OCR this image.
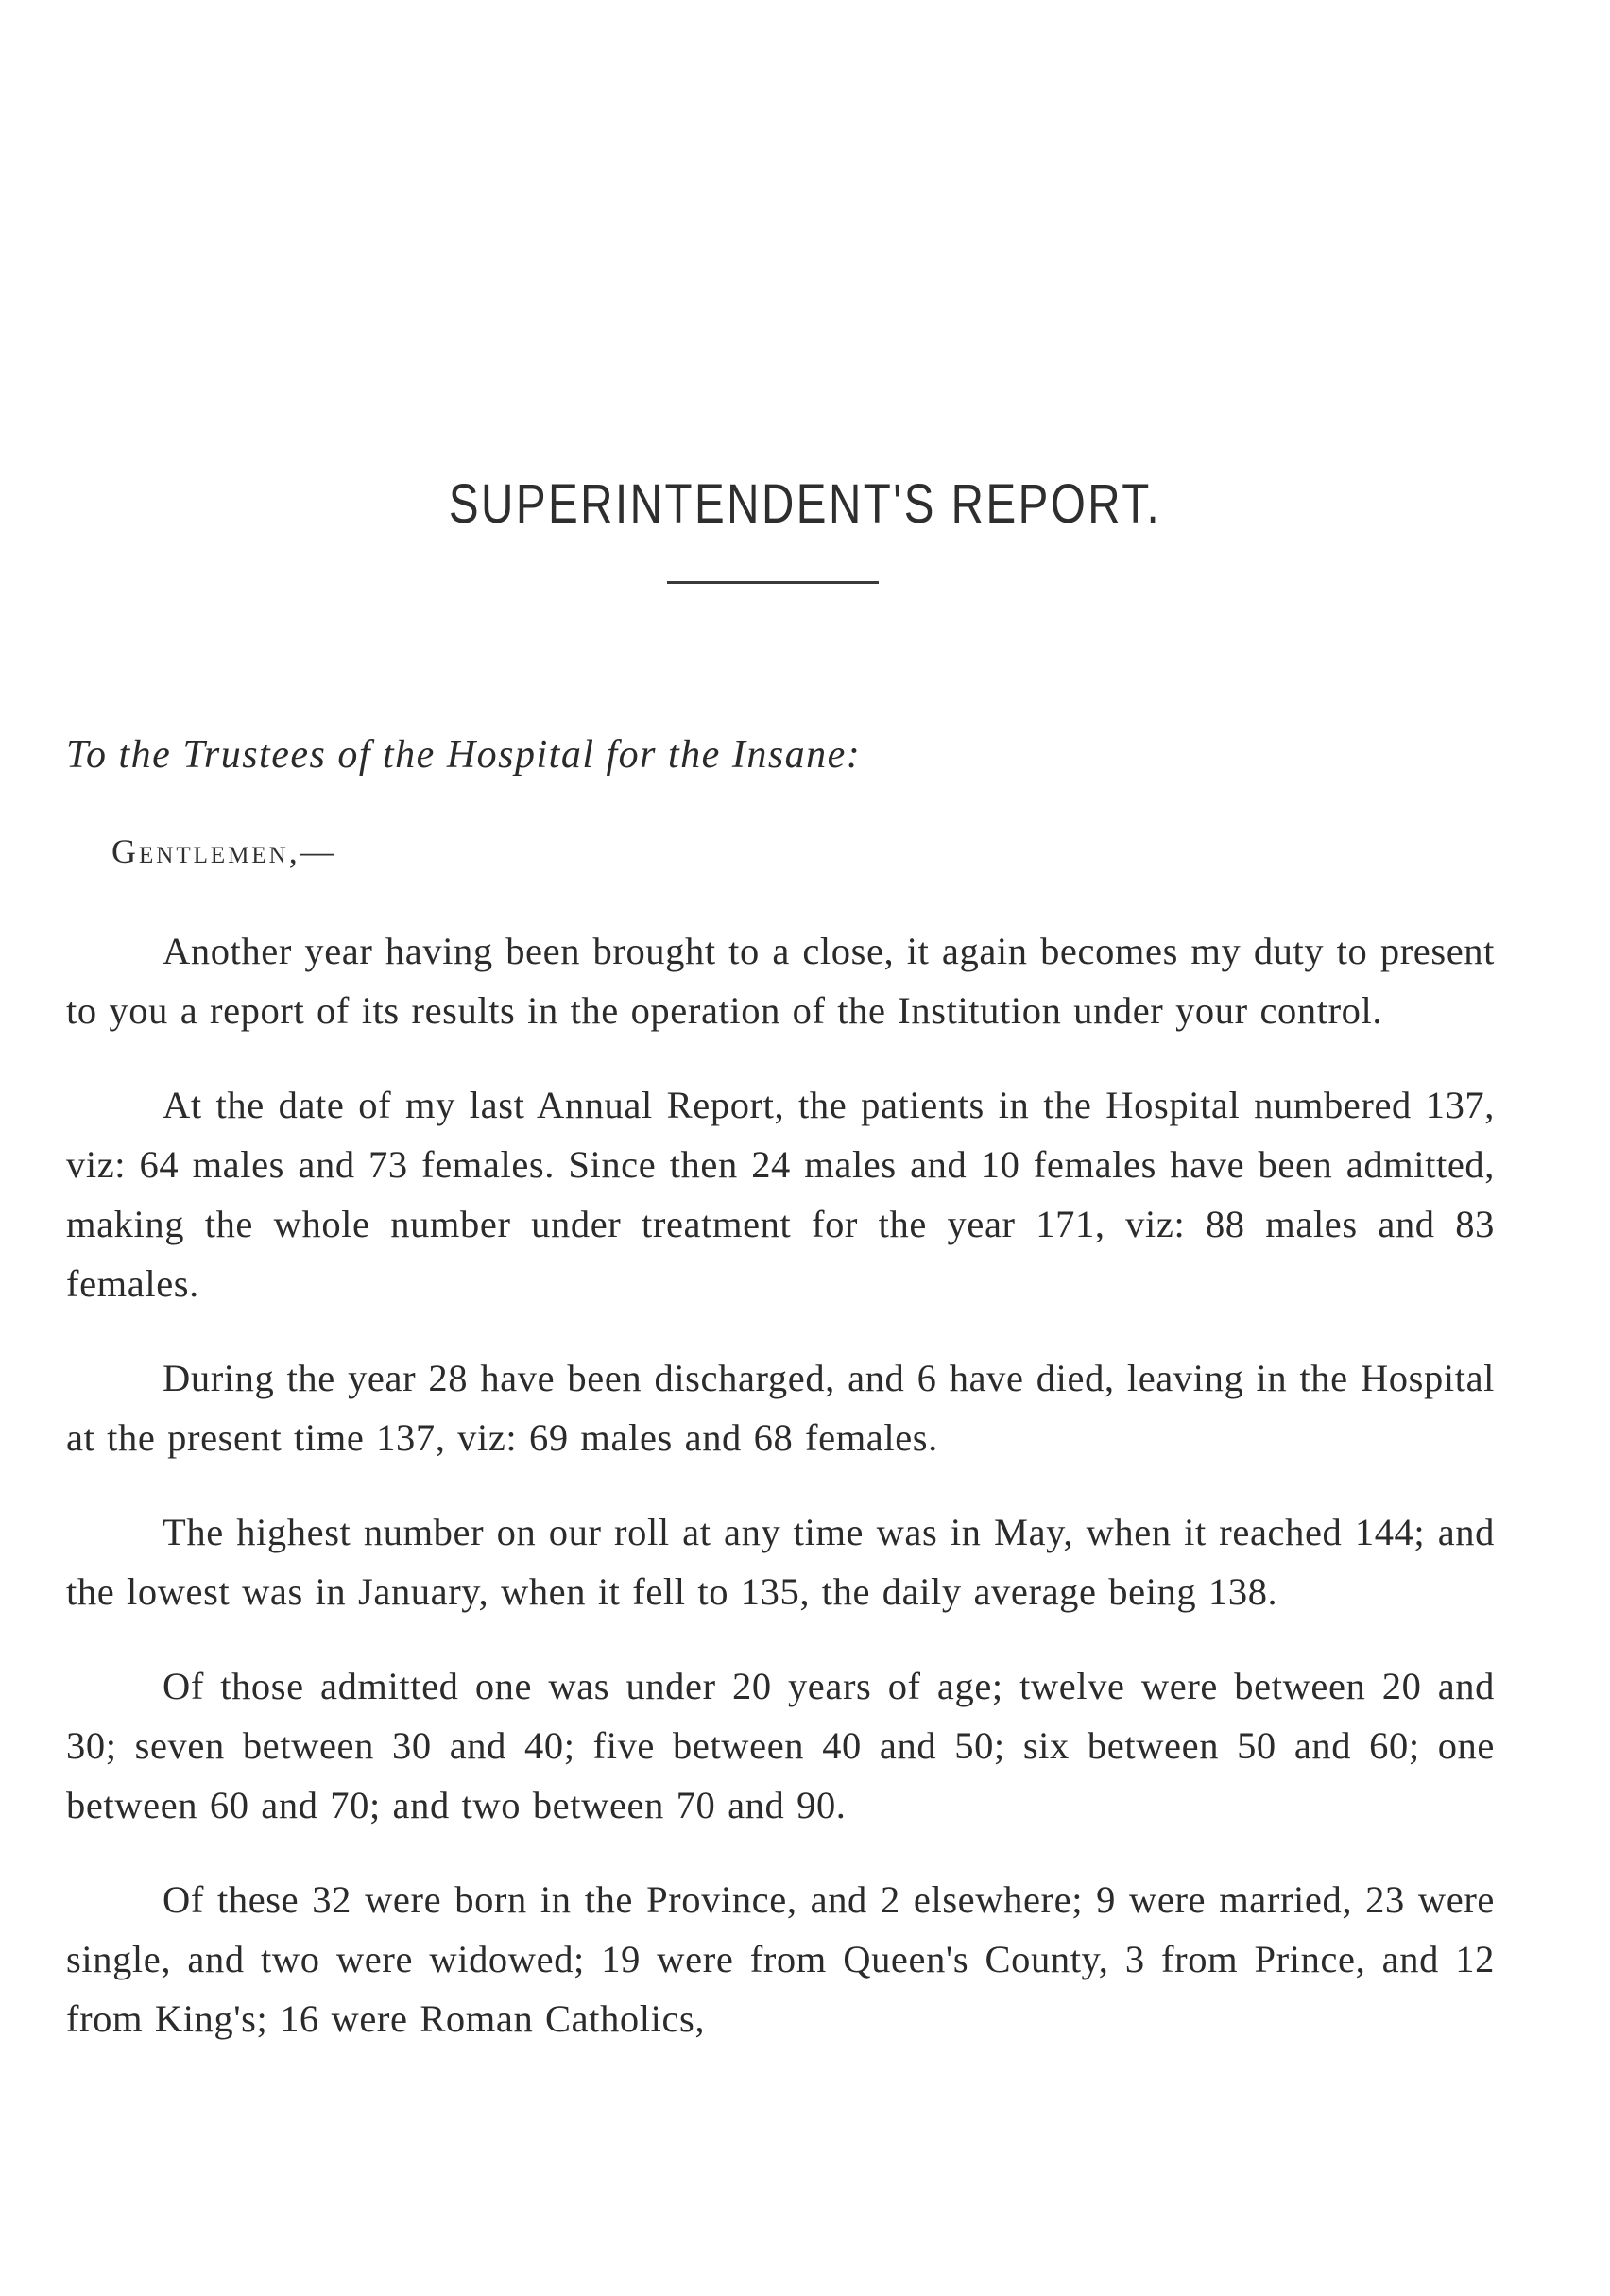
SUPERINTENDENT'S REPORT.

To the Trustees of the Hospital for the Insane:

Gentlemen,—

Another year having been brought to a close, it again becomes my duty to present to you a report of its results in the operation of the Institution under your control.

At the date of my last Annual Report, the patients in the Hospital numbered 137, viz: 64 males and 73 females. Since then 24 males and 10 females have been admitted, making the whole number under treatment for the year 171, viz: 88 males and 83 females.

During the year 28 have been discharged, and 6 have died, leaving in the Hospital at the present time 137, viz: 69 males and 68 females.

The highest number on our roll at any time was in May, when it reached 144; and the lowest was in January, when it fell to 135, the daily average being 138.

Of those admitted one was under 20 years of age; twelve were between 20 and 30; seven between 30 and 40; five between 40 and 50; six between 50 and 60; one between 60 and 70; and two between 70 and 90.

Of these 32 were born in the Province, and 2 elsewhere; 9 were married, 23 were single, and two were widowed; 19 were from Queen's County, 3 from Prince, and 12 from King's; 16 were Roman Catholics,
